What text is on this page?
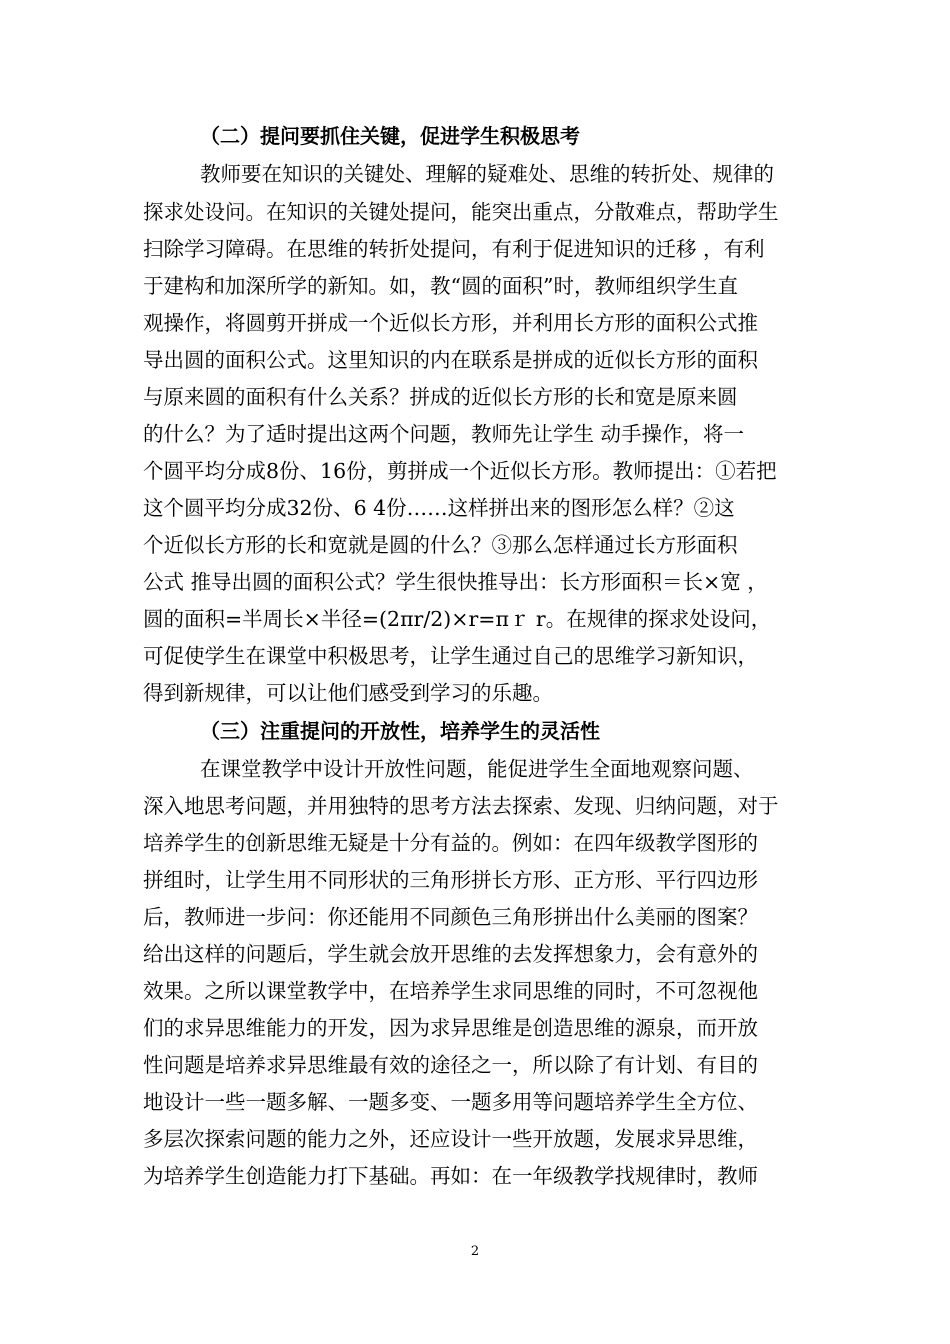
（二）提问要抓住关键，促进学生积极思考
教师要在知识的关键处、理解的疑难处、思维的转折处、规律的
探求处设问。在知识的关键处提问，能突出重点，分散难点，帮助学生
扫除学习障碍。在思维的转折处提问，有利于促进知识的迁移 ，有利
于建构和加深所学的新知。如，教“圆的面积”时，教师组织学生直
观操作，将圆剪开拼成一个近似长方形，并利用长方形的面积公式推
导出圆的面积公式。这里知识的内在联系是拼成的近似长方形的面积
与原来圆的面积有什么关系？拼成的近似长方形的长和宽是原来圆
的什么？为了适时提出这两个问题，教师先让学生 动手操作，将一
个圆平均分成8份、16份，剪拼成一个近似长方形。教师提出：①若把
这个圆平均分成32份、6 4份……这样拼出来的图形怎么样？②这
个近似长方形的长和宽就是圆的什么？③那么怎样通过长方形面积
公式 推导出圆的面积公式？学生很快推导出：长方形面积＝长×宽 ，
圆的面积=半周长×半径=(2πr/2)×r=πｒ r。在规律的探求处设问，
可促使学生在课堂中积极思考，让学生通过自己的思维学习新知识，
得到新规律，可以让他们感受到学习的乐趣。
（三）注重提问的开放性，培养学生的灵活性
在课堂教学中设计开放性问题，能促进学生全面地观察问题、
深入地思考问题，并用独特的思考方法去探索、发现、归纳问题，对于
培养学生的创新思维无疑是十分有益的。例如：在四年级教学图形的
拼组时，让学生用不同形状的三角形拼长方形、正方形、平行四边形
后，教师进一步问：你还能用不同颜色三角形拼出什么美丽的图案？
给出这样的问题后，学生就会放开思维的去发挥想象力，会有意外的
效果。之所以课堂教学中，在培养学生求同思维的同时，不可忽视他
们的求异思维能力的开发，因为求异思维是创造思维的源泉，而开放
性问题是培养求异思维最有效的途径之一，所以除了有计划、有目的
地设计一些一题多解、一题多变、一题多用等问题培养学生全方位、
多层次探索问题的能力之外，还应设计一些开放题，发展求异思维，
为培养学生创造能力打下基础。再如：在一年级教学找规律时，教师
2
